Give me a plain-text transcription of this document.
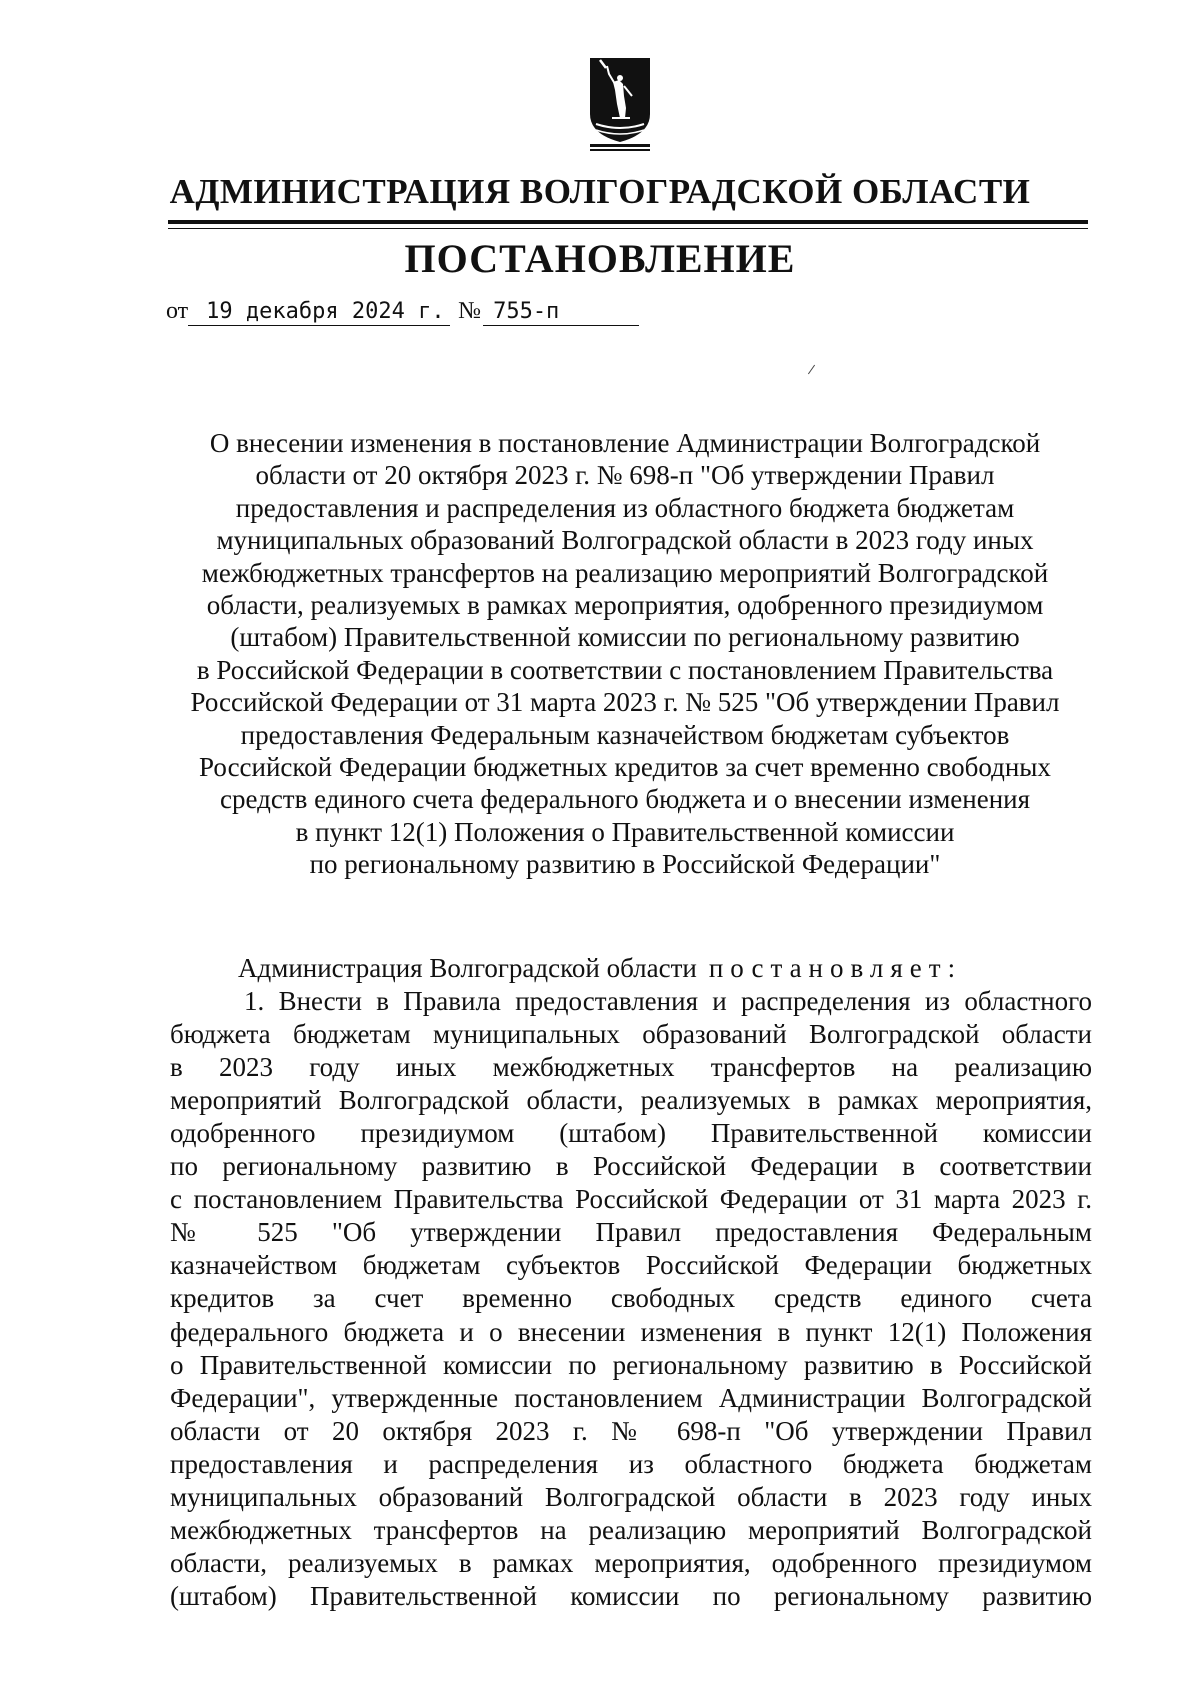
АДМИНИСТРАЦИЯ ВОЛГОГРАДСКОЙ ОБЛАСТИ
ПОСТАНОВЛЕНИЕ
от 19 декабря 2024 г. № 755-п
О внесении изменения в постановление Администрации Волгоградской
области от 20 октября 2023 г. № 698-п "Об утверждении Правил
предоставления и распределения из областного бюджета бюджетам
муниципальных образований Волгоградской области в 2023 году иных
межбюджетных трансфертов на реализацию мероприятий Волгоградской
области, реализуемых в рамках мероприятия, одобренного президиумом
(штабом) Правительственной комиссии по региональному развитию
в Российской Федерации в соответствии с постановлением Правительства
Российской Федерации от 31 марта 2023 г. № 525 "Об утверждении Правил
предоставления Федеральным казначейством бюджетам субъектов
Российской Федерации бюджетных кредитов за счет временно свободных
средств единого счета федерального бюджета и о внесении изменения
в пункт 12(1) Положения о Правительственной комиссии
по региональному развитию в Российской Федерации"

Администрация Волгоградской области постановляет:

1. Внести в Правила предоставления и распределения из областного

бюджета бюджетам муниципальных образований Волгоградской области

в 2023 году иных межбюджетных трансфертов на реализацию

мероприятий Волгоградской области, реализуемых в рамках мероприятия,

одобренного президиумом (штабом) Правительственной комиссии

по региональному развитию в Российской Федерации в соответствии

с постановлением Правительства Российской Федерации от 31 марта 2023 г.

№ 525 "Об утверждении Правил предоставления Федеральным

казначейством бюджетам субъектов Российской Федерации бюджетных

кредитов за счет временно свободных средств единого счета

федерального бюджета и о внесении изменения в пункт 12(1) Положения

о Правительственной комиссии по региональному развитию в Российской

Федерации", утвержденные постановлением Администрации Волгоградской

области от 20 октября 2023 г. № 698-п "Об утверждении Правил

предоставления и распределения из областного бюджета бюджетам

муниципальных образований Волгоградской области в 2023 году иных

межбюджетных трансфертов на реализацию мероприятий Волгоградской

области, реализуемых в рамках мероприятия, одобренного президиумом

(штабом) Правительственной комиссии по региональному развитию
